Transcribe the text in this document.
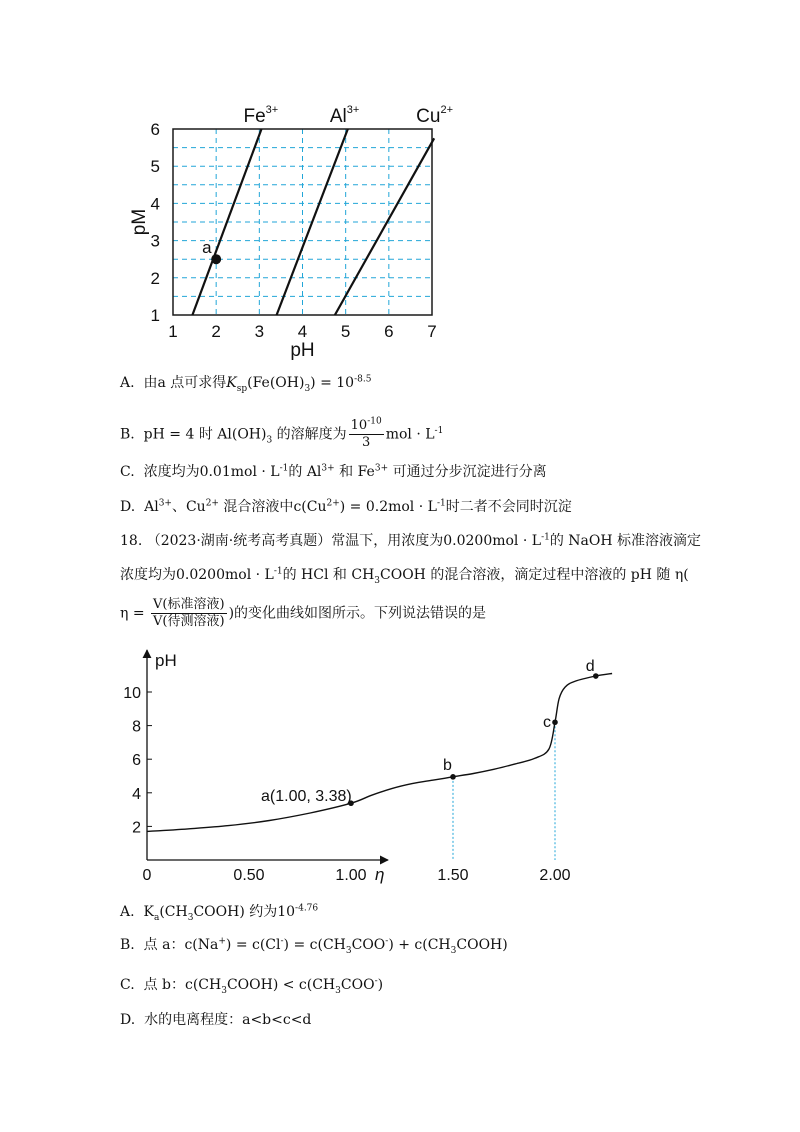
1 2 3 4 5 6 7
1
2
3
4
5
6
$Fe^{3+}$	$Al^{3+}$	$Cu^{2+}$
a
pH
pM
A. 由a 点可求得$K_{sp}(Fe(OH)_3) = 10^{-8.5}$
B. pH = 4 时 $Al(OH)_3$ 的溶解度为 $\frac{10^{-10}}{3}$ mol · $L^{-1}$
C. 浓度均为$0.01mol \cdot L^{-1}$的 $Al^{3+}$ 和 $Fe^{3+}$ 可通过分步沉淀进行分离
D. $Al^{3+}$、$Cu^{2+}$ 混合溶液中$c(Cu^{2+}) = 0.2mol \cdot L^{-1}$时二者不会同时沉淀
18. （2023·湖南·统考高考真题）常温下，用浓度为$0.0200mol \cdot L^{-1}$的 NaOH 标准溶液滴定
浓度均为$0.0200mol \cdot L^{-1}$的 HCl 和 $CH_3COOH$ 的混合溶液，滴定过程中溶液的 pH 随 η(
$\eta = \frac{\text{V(标准溶液)}}{\text{V(待测溶液)}}$ )的变化曲线如图所示。下列说法错误的是
a(1.00, 3.38)
b
c
d
0	0.50	1.00	1.50	2.00
2
4
6
8
10
η
pH
A. $K_a(CH_3COOH)$ 约为$10^{-4.76}$
B. 点 a：$c(Na^+) = c(Cl^-) = c(CH_3COO^-)$ + $c(CH_3COOH)$
C. 点 b：$c(CH_3COOH) < c(CH_3COO^-)$
D. 水的电离程度：a<b<c<d
